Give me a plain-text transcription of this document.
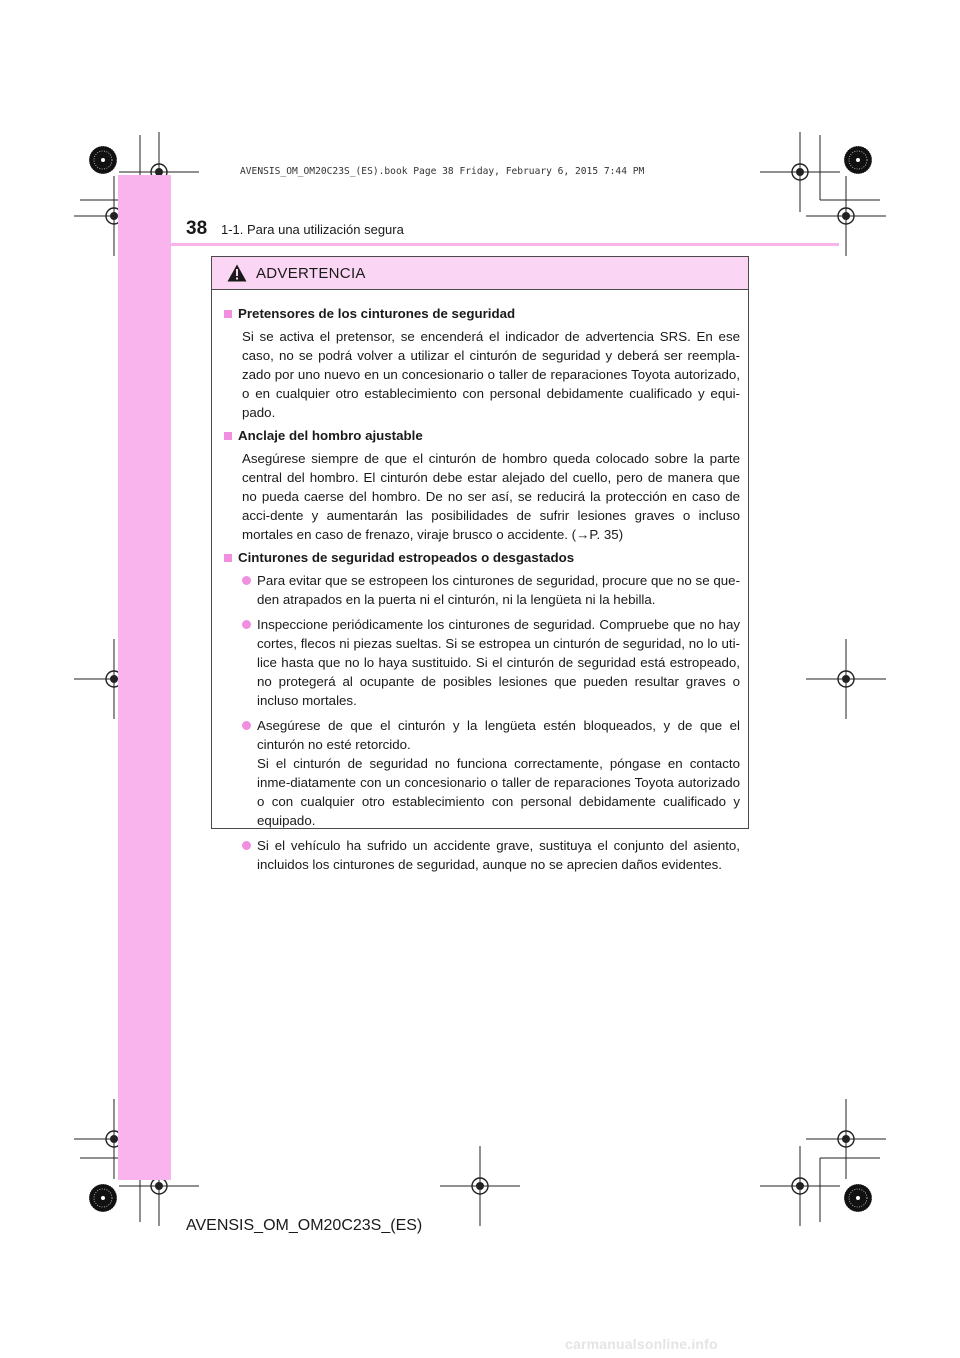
AVENSIS_OM_OM20C23S_(ES).book Page 38 Friday, February 6, 2015 7:44 PM
38 1-1. Para una utilización segura
ADVERTENCIA
Pretensores de los cinturones de seguridad
Si se activa el pretensor, se encenderá el indicador de advertencia SRS. En ese caso, no se podrá volver a utilizar el cinturón de seguridad y deberá ser reempla-zado por uno nuevo en un concesionario o taller de reparaciones Toyota autorizado, o en cualquier otro establecimiento con personal debidamente cualificado y equi-pado.
Anclaje del hombro ajustable
Asegúrese siempre de que el cinturón de hombro queda colocado sobre la parte central del hombro. El cinturón debe estar alejado del cuello, pero de manera que no pueda caerse del hombro. De no ser así, se reducirá la protección en caso de acci-dente y aumentarán las posibilidades de sufrir lesiones graves o incluso mortales en caso de frenazo, viraje brusco o accidente. (→P. 35)
Cinturones de seguridad estropeados o desgastados
Para evitar que se estropeen los cinturones de seguridad, procure que no se que-den atrapados en la puerta ni el cinturón, ni la lengüeta ni la hebilla.
Inspeccione periódicamente los cinturones de seguridad. Compruebe que no hay cortes, flecos ni piezas sueltas. Si se estropea un cinturón de seguridad, no lo uti-lice hasta que no lo haya sustituido. Si el cinturón de seguridad está estropeado, no protegerá al ocupante de posibles lesiones que pueden resultar graves o incluso mortales.
Asegúrese de que el cinturón y la lengüeta estén bloqueados, y de que el cinturón no esté retorcido.
Si el cinturón de seguridad no funciona correctamente, póngase en contacto inme-diatamente con un concesionario o taller de reparaciones Toyota autorizado o con cualquier otro establecimiento con personal debidamente cualificado y equipado.
Si el vehículo ha sufrido un accidente grave, sustituya el conjunto del asiento, incluidos los cinturones de seguridad, aunque no se aprecien daños evidentes.
AVENSIS_OM_OM20C23S_(ES)
carmanualsonline.info
